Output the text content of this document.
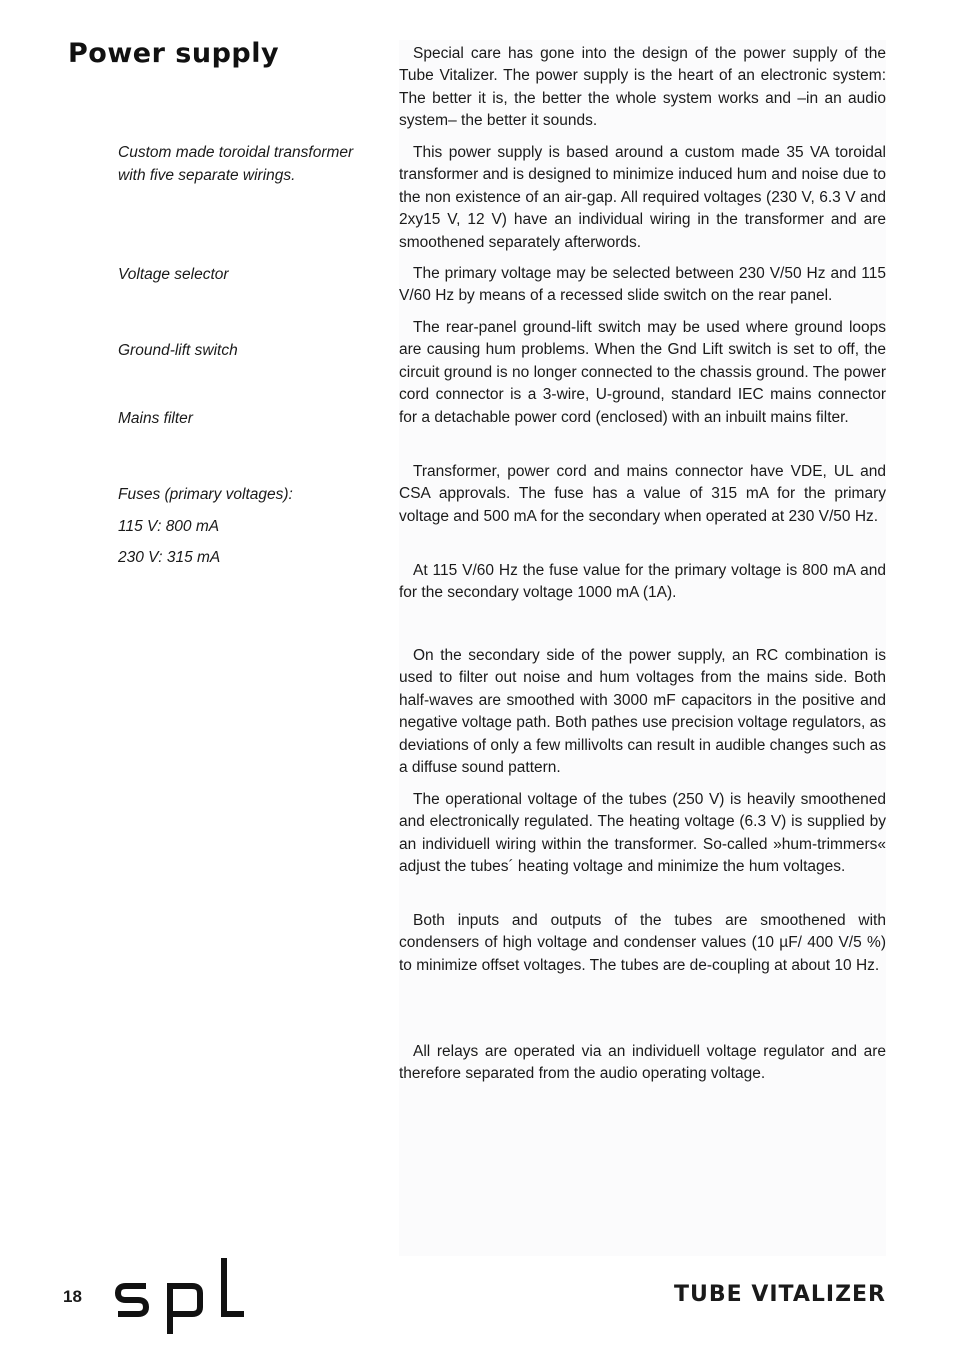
Power supply
Custom made toroidal transformer with five separate wirings.
Voltage selector
Ground-lift switch
Mains filter
Fuses (primary voltages):
115 V: 800 mA
230 V: 315 mA

Special care has gone into the design of the power supply of the Tube Vitalizer. The power supply is the heart of an electronic system: The better it is, the better the whole system works and –in an audio system– the better it sounds.

This power supply is based around a custom made 35 VA toroidal transformer and is designed to minimize induced hum and noise due to the non existence of an air-gap. All required voltages (230 V, 6.3 V and 2xy15 V, 12 V) have an individual wiring in the transformer and are smoothened separately afterwords.

The primary voltage may be selected between 230 V/50 Hz and 115 V/60 Hz by means of a recessed slide switch on the rear panel.

The rear-panel ground-lift switch may be used where ground loops are causing hum problems. When the Gnd Lift switch is set to off, the circuit ground is no longer connected to the chassis ground. The power cord connector is a 3-wire, U-ground, standard IEC mains connector for a detachable power cord (enclosed) with an inbuilt mains filter.

Transformer, power cord and mains connector have VDE, UL and CSA approvals. The fuse has a value of 315 mA for the primary voltage and 500 mA for the secondary when operated at 230 V/50 Hz.

At 115 V/60 Hz the fuse value for the primary voltage is 800 mA and for the secondary voltage 1000 mA (1A).

On the secondary side of the power supply, an RC combination is used to filter out noise and hum voltages from the mains side. Both half-waves are smoothed with 3000 mF capacitors in the positive and negative voltage path. Both pathes use precision voltage regulators, as deviations of only a few millivolts can result in audible changes such as a diffuse sound pattern.

The operational voltage of the tubes (250 V) is heavily smoothened and electronically regulated. The heating voltage (6.3 V) is supplied by an individuell wiring within the transformer. So-called »hum-trimmers« adjust the tubes´ heating voltage and minimize the hum voltages.

Both inputs and outputs of the tubes are smoothened with condensers of high voltage and condenser values (10 µF/ 400 V/5 %) to minimize offset voltages. The tubes are de-coupling at about 10 Hz.

All relays are operated via an individuell voltage regulator and are therefore separated from the audio operating voltage.

18	TUBE VITALIZER
